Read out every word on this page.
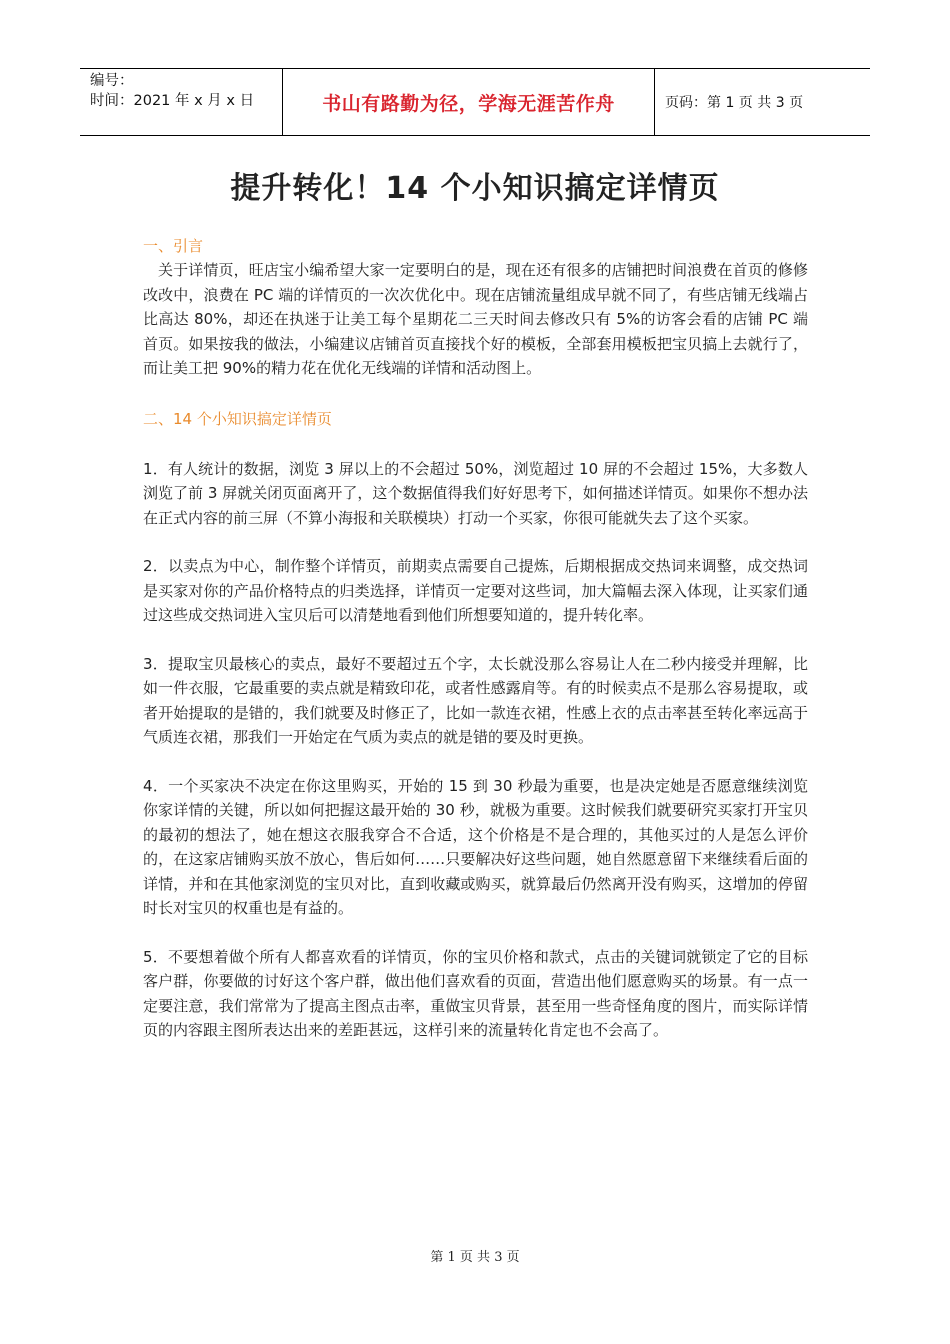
编号：
时间：2021 年 x 月 x 日	书山有路勤为径，学海无涯苦作舟	页码：第 1 页 共 3 页
提升转化！14 个小知识搞定详情页

一、引言

关于详情页，旺店宝小编希望大家一定要明白的是，现在还有很多的店铺把时间浪费在首页的修修改改中，浪费在 PC 端的详情页的一次次优化中。现在店铺流量组成早就不同了，有些店铺无线端占比高达 80%，却还在执迷于让美工每个星期花二三天时间去修改只有 5%的访客会看的店铺 PC 端首页。如果按我的做法，小编建议店铺首页直接找个好的模板，全部套用模板把宝贝搞上去就行了，而让美工把 90%的精力花在优化无线端的详情和活动图上。

二、14 个小知识搞定详情页

1．有人统计的数据，浏览 3 屏以上的不会超过 50%，浏览超过 10 屏的不会超过 15%，大多数人浏览了前 3 屏就关闭页面离开了，这个数据值得我们好好思考下，如何描述详情页。如果你不想办法在正式内容的前三屏（不算小海报和关联模块）打动一个买家，你很可能就失去了这个买家。

2．以卖点为中心，制作整个详情页，前期卖点需要自己提炼，后期根据成交热词来调整，成交热词是买家对你的产品价格特点的归类选择，详情页一定要对这些词，加大篇幅去深入体现，让买家们通过这些成交热词进入宝贝后可以清楚地看到他们所想要知道的，提升转化率。

3．提取宝贝最核心的卖点，最好不要超过五个字，太长就没那么容易让人在二秒内接受并理解，比如一件衣服，它最重要的卖点就是精致印花，或者性感露肩等。有的时候卖点不是那么容易提取，或者开始提取的是错的，我们就要及时修正了，比如一款连衣裙，性感上衣的点击率甚至转化率远高于气质连衣裙，那我们一开始定在气质为卖点的就是错的要及时更换。

4．一个买家决不决定在你这里购买，开始的 15 到 30 秒最为重要，也是决定她是否愿意继续浏览你家详情的关键，所以如何把握这最开始的 30 秒，就极为重要。这时候我们就要研究买家打开宝贝的最初的想法了，她在想这衣服我穿合不合适，这个价格是不是合理的，其他买过的人是怎么评价的，在这家店铺购买放不放心，售后如何……只要解决好这些问题，她自然愿意留下来继续看后面的详情，并和在其他家浏览的宝贝对比，直到收藏或购买，就算最后仍然离开没有购买，这增加的停留时长对宝贝的权重也是有益的。

5．不要想着做个所有人都喜欢看的详情页，你的宝贝价格和款式，点击的关键词就锁定了它的目标客户群，你要做的讨好这个客户群，做出他们喜欢看的页面，营造出他们愿意购买的场景。有一点一定要注意，我们常常为了提高主图点击率，重做宝贝背景，甚至用一些奇怪角度的图片，而实际详情页的内容跟主图所表达出来的差距甚远，这样引来的流量转化肯定也不会高了。

第 1 页 共 3 页
